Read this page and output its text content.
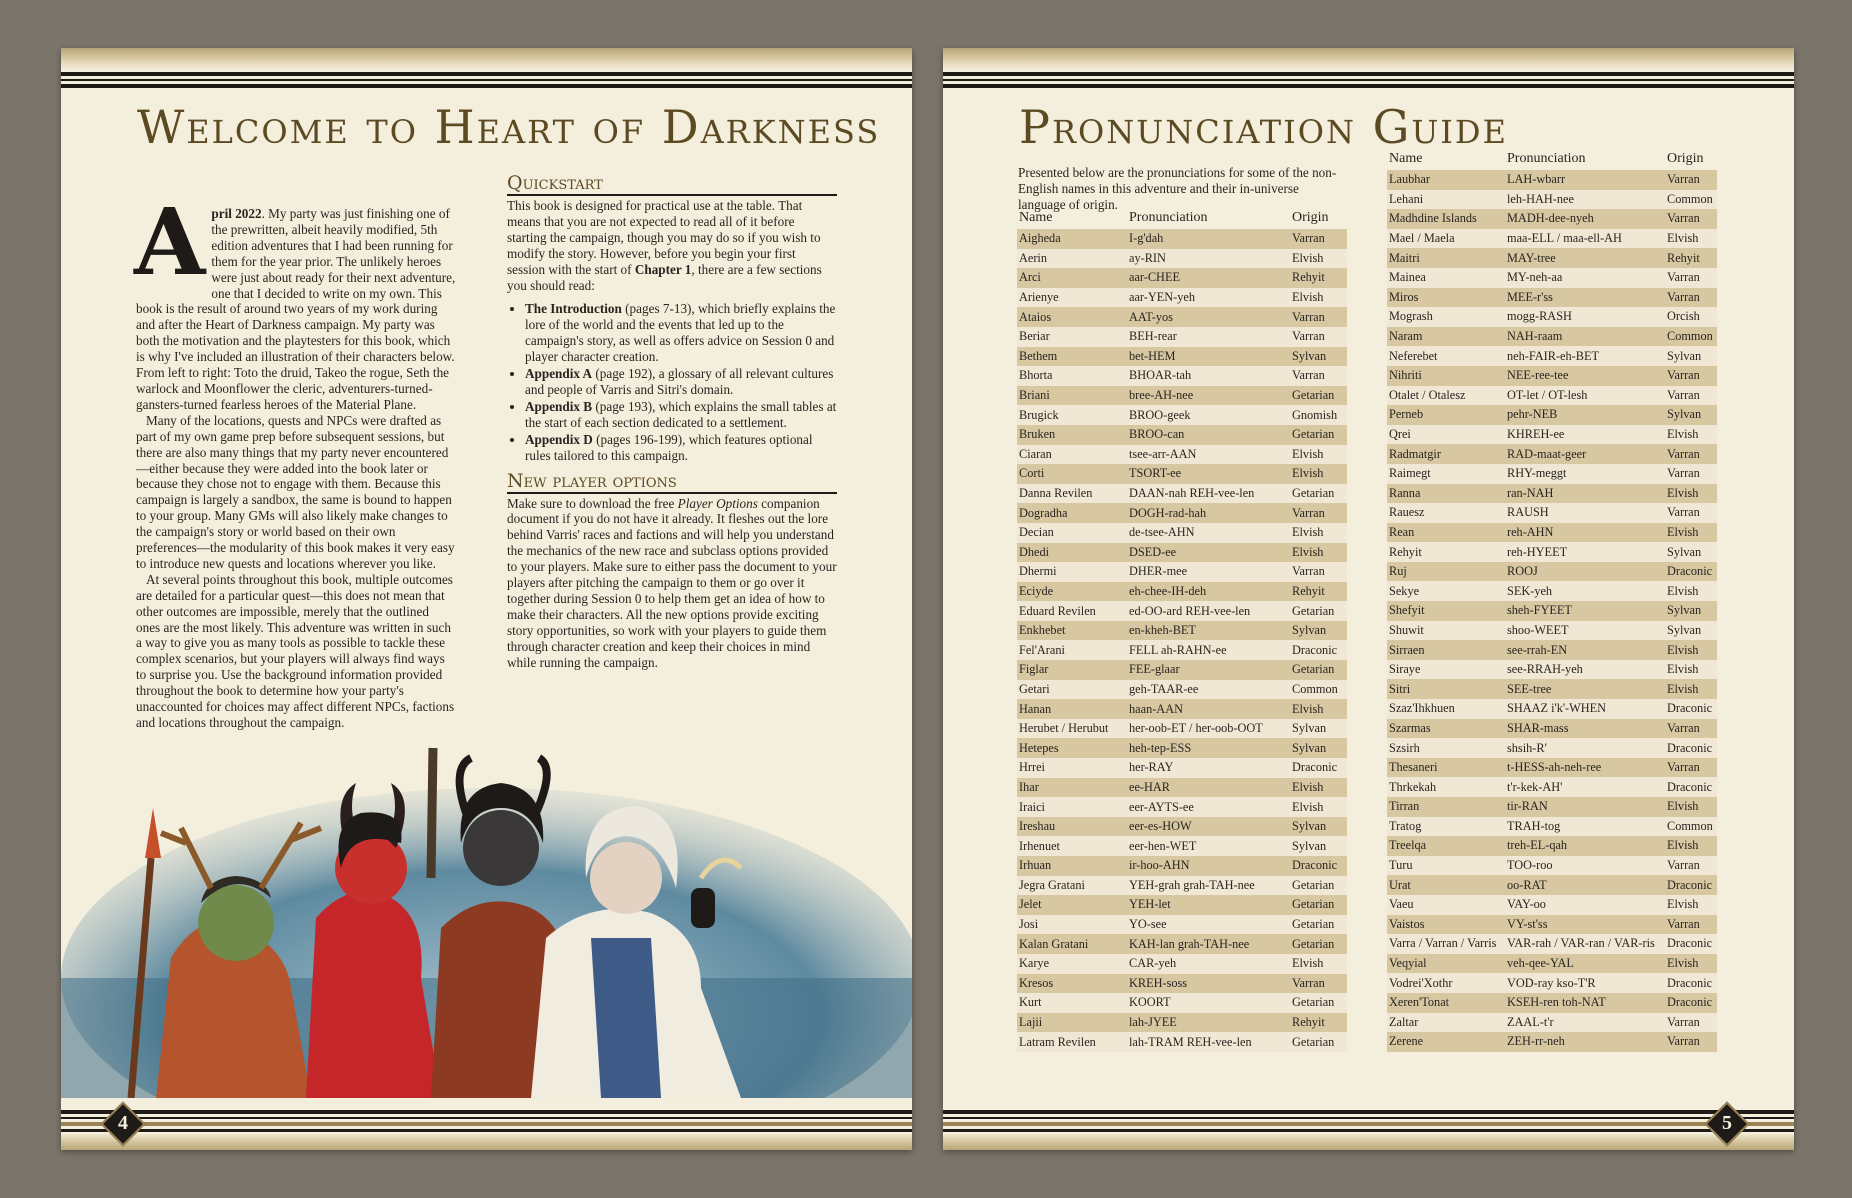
Welcome to Heart of Darkness

April 2022. My party was just finishing one of the prewritten, albeit heavily modified, 5th edition adventures that I had been running for them for the year prior. The unlikely heroes were just about ready for their next adventure, one that I decided to write on my own. This book is the result of around two years of my work during and after the Heart of Darkness campaign. My party was both the motivation and the playtesters for this book, which is why I've included an illustration of their characters below. From left to right: Toto the druid, Takeo the rogue, Seth the warlock and Moonflower the cleric, adventurers-turned-gansters-turned fearless heroes of the Material Plane.

Many of the locations, quests and NPCs were drafted as part of my own game prep before subsequent sessions, but there are also many things that my party never encountered—either because they were added into the book later or because they chose not to engage with them. Because this campaign is largely a sandbox, the same is bound to happen to your group. Many GMs will also likely make changes to the campaign's story or world based on their own preferences—the modularity of this book makes it very easy to introduce new quests and locations wherever you like.

At several points throughout this book, multiple outcomes are detailed for a particular quest—this does not mean that other outcomes are impossible, merely that the outlined ones are the most likely. This adventure was written in such a way to give you as many tools as possible to tackle these complex scenarios, but your players will always find ways to surprise you. Use the background information provided throughout the book to determine how your party's unaccounted for choices may affect different NPCs, factions and locations throughout the campaign.

Quickstart

This book is designed for practical use at the table. That means that you are not expected to read all of it before starting the campaign, though you may do so if you wish to modify the story. However, before you begin your first session with the start of Chapter 1, there are a few sections you should read:

• The Introduction (pages 7-13), which briefly explains the lore of the world and the events that led up to the campaign's story, as well as offers advice on Session 0 and player character creation.
• Appendix A (page 192), a glossary of all relevant cultures and people of Varris and Sitri's domain.
• Appendix B (page 193), which explains the small tables at the start of each section dedicated to a settlement.
• Appendix D (pages 196-199), which features optional rules tailored to this campaign.
New player options

Make sure to download the free Player Options companion document if you do not have it already. It fleshes out the lore behind Varris' races and factions and will help you understand the mechanics of the new race and subclass options provided to your players. Make sure to either pass the document to your players after pitching the campaign to them or go over it together during Session 0 to help them get an idea of how to make their characters. All the new options provide exciting story opportunities, so work with your players to guide them through character creation and keep their choices in mind while running the campaign.

4
Pronunciation Guide

Presented below are the pronunciations for some of the non-English names in this adventure and their in-universe language of origin.

Name	Pronunciation	Origin
Aigheda	I-g'dah	Varran
Aerin	ay-RIN	Elvish
Arci	aar-CHEE	Rehyit
Arienye	aar-YEN-yeh	Elvish
Ataios	AAT-yos	Varran
Beriar	BEH-rear	Varran
Bethem	bet-HEM	Sylvan
Bhorta	BHOAR-tah	Varran
Briani	bree-AH-nee	Getarian
Brugick	BROO-geek	Gnomish
Bruken	BROO-can	Getarian
Ciaran	tsee-arr-AAN	Elvish
Corti	TSORT-ee	Elvish
Danna Revilen	DAAN-nah REH-vee-len	Getarian
Dogradha	DOGH-rad-hah	Varran
Decian	de-tsee-AHN	Elvish
Dhedi	DSED-ee	Elvish
Dhermi	DHER-mee	Varran
Eciyde	eh-chee-IH-deh	Rehyit
Eduard Revilen	ed-OO-ard REH-vee-len	Getarian
Enkhebet	en-kheh-BET	Sylvan
Fel'Arani	FELL ah-RAHN-ee	Draconic
Figlar	FEE-glaar	Getarian
Getari	geh-TAAR-ee	Common
Hanan	haan-AAN	Elvish
Herubet / Herubut	her-oob-ET / her-oob-OOT	Sylvan
Hetepes	heh-tep-ESS	Sylvan
Hrrei	her-RAY	Draconic
Ihar	ee-HAR	Elvish
Iraici	eer-AYTS-ee	Elvish
Ireshau	eer-es-HOW	Sylvan
Irhenuet	eer-hen-WET	Sylvan
Irhuan	ir-hoo-AHN	Draconic
Jegra Gratani	YEH-grah grah-TAH-nee	Getarian
Jelet	YEH-let	Getarian
Josi	YO-see	Getarian
Kalan Gratani	KAH-lan grah-TAH-nee	Getarian
Karye	CAR-yeh	Elvish
Kresos	KREH-soss	Varran
Kurt	KOORT	Getarian
Lajii	lah-JYEE	Rehyit
Latram Revilen	lah-TRAM REH-vee-len	Getarian
Name	Pronunciation	Origin
Laubhar	LAH-wbarr	Varran
Lehani	leh-HAH-nee	Common
Madhdine Islands	MADH-dee-nyeh	Varran
Mael / Maela	maa-ELL / maa-ell-AH	Elvish
Maitri	MAY-tree	Rehyit
Mainea	MY-neh-aa	Varran
Miros	MEE-r'ss	Varran
Mogrash	mogg-RASH	Orcish
Naram	NAH-raam	Common
Neferebet	neh-FAIR-eh-BET	Sylvan
Nihriti	NEE-ree-tee	Varran
Otalet / Otalesz	OT-let / OT-lesh	Varran
Perneb	pehr-NEB	Sylvan
Qrei	KHREH-ee	Elvish
Radmatgir	RAD-maat-geer	Varran
Raimegt	RHY-meggt	Varran
Ranna	ran-NAH	Elvish
Rauesz	RAUSH	Varran
Rean	reh-AHN	Elvish
Rehyit	reh-HYEET	Sylvan
Ruj	ROOJ	Draconic
Sekye	SEK-yeh	Elvish
Shefyit	sheh-FYEET	Sylvan
Shuwit	shoo-WEET	Sylvan
Sirraen	see-rrah-EN	Elvish
Siraye	see-RRAH-yeh	Elvish
Sitri	SEE-tree	Elvish
Szaz'Ihkhuen	SHAAZ i'k'-WHEN	Draconic
Szarmas	SHAR-mass	Varran
Szsirh	shsih-R'	Draconic
Thesaneri	t-HESS-ah-neh-ree	Varran
Thrkekah	t'r-kek-AH'	Draconic
Tirran	tir-RAN	Elvish
Tratog	TRAH-tog	Common
Treelqa	treh-EL-qah	Elvish
Turu	TOO-roo	Varran
Urat	oo-RAT	Draconic
Vaeu	VAY-oo	Elvish
Vaistos	VY-st'ss	Varran
Varra / Varran / Varris	VAR-rah / VAR-ran / VAR-ris	Draconic
Veqyial	veh-qee-YAL	Elvish
Vodrei'Xothr	VOD-ray kso-T'R	Draconic
Xeren'Tonat	KSEH-ren toh-NAT	Draconic
Zaltar	ZAAL-t'r	Varran
Zerene	ZEH-rr-neh	Varran
5
